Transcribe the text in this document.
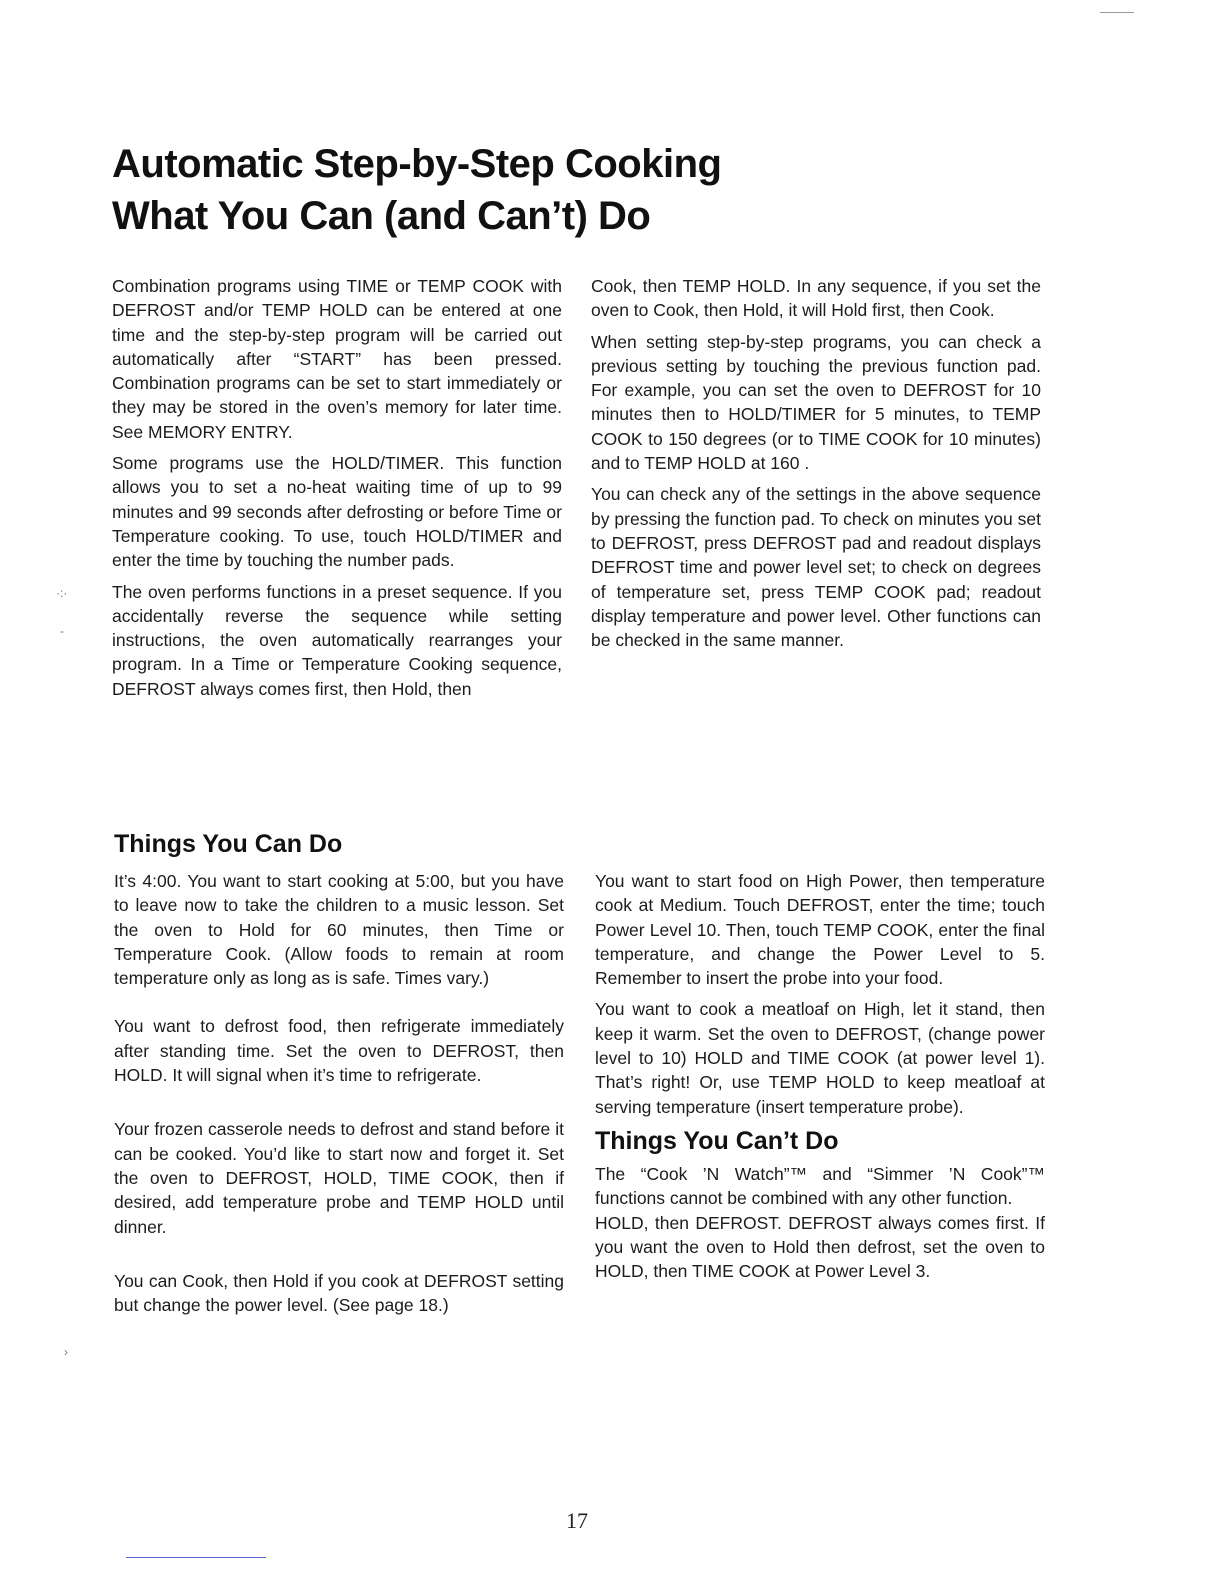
Automatic Step-by-Step Cooking
What You Can (and Can’t) Do

Combination programs using TIME or TEMP COOK with DEFROST and/or TEMP HOLD can be entered at one time and the step-by-step program will be carried out automatically after “START” has been pressed. Combination programs can be set to start immediately or they may be stored in the oven’s memory for later time. See MEMORY ENTRY.

Some programs use the HOLD/TIMER. This function allows you to set a no-heat waiting time of up to 99 minutes and 99 seconds after defrosting or before Time or Temperature cooking. To use, touch HOLD/TIMER and enter the time by touching the number pads.

The oven performs functions in a preset sequence. If you accidentally reverse the sequence while setting instructions, the oven automatically rearranges your program. In a Time or Temperature Cooking sequence, DEFROST always comes first, then Hold, then

Cook, then TEMP HOLD. In any sequence, if you set the oven to Cook, then Hold, it will Hold first, then Cook.

When setting step-by-step programs, you can check a previous setting by touching the previous function pad. For example, you can set the oven to DEFROST for 10 minutes then to HOLD/TIMER for 5 minutes, to TEMP COOK to 150 degrees (or to TIME COOK for 10 minutes) and to TEMP HOLD at 160 .

You can check any of the settings in the above sequence by pressing the function pad. To check on minutes you set to DEFROST, press DEFROST pad and readout displays DEFROST time and power level set; to check on degrees of temperature set, press TEMP COOK pad; readout display temperature and power level. Other functions can be checked in the same manner.

Things You Can Do

It’s 4:00. You want to start cooking at 5:00, but you have to leave now to take the children to a music lesson. Set the oven to Hold for 60 minutes, then Time or Temperature Cook. (Allow foods to remain at room temperature only as long as is safe. Times vary.)

You want to defrost food, then refrigerate immediately after standing time. Set the oven to DEFROST, then HOLD. It will signal when it’s time to refrigerate.

Your frozen casserole needs to defrost and stand before it can be cooked. You’d like to start now and forget it. Set the oven to DEFROST, HOLD, TIME COOK, then if desired, add temperature probe and TEMP HOLD until dinner.

You can Cook, then Hold if you cook at DEFROST setting but change the power level. (See page 18.)

You want to start food on High Power, then temperature cook at Medium. Touch DEFROST, enter the time; touch Power Level 10. Then, touch TEMP COOK, enter the final temperature, and change the Power Level to 5. Remember to insert the probe into your food.

You want to cook a meatloaf on High, let it stand, then keep it warm. Set the oven to DEFROST, (change power level to 10) HOLD and TIME COOK (at power level 1). That’s right! Or, use TEMP HOLD to keep meatloaf at serving temperature (insert temperature probe).

Things You Can’t Do

The “Cook ’N Watch”™ and “Simmer ’N Cook”™ functions cannot be combined with any other function.

HOLD, then DEFROST. DEFROST always comes first. If you want the oven to Hold then defrost, set the oven to HOLD, then TIME COOK at Power Level 3.

·:·
-
›
17
